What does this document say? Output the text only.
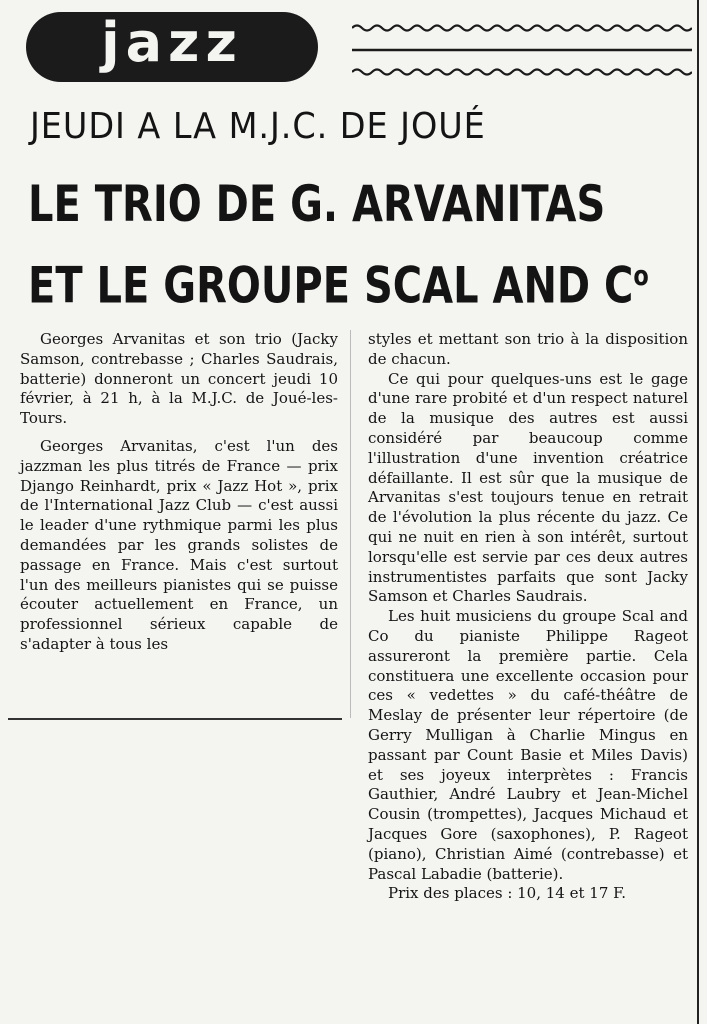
jazz
JEUDI A LA M.J.C. DE JOUÉ
LE TRIO DE G. ARVANITAS
ET LE GROUPE SCAL AND $C^o$

Georges Arvanitas et son trio (Jacky Samson, contrebasse ; Charles Saudrais, batterie) donneront un concert jeudi 10 février, à 21 h, à la M.J.C. de Joué-les-Tours.

Georges Arvanitas, c'est l'un des jazzman les plus titrés de France — prix Django Reinhardt, prix « Jazz Hot », prix de l'International Jazz Club — c'est aussi le leader d'une rythmique parmi les plus demandées par les grands solistes de passage en France. Mais c'est surtout l'un des meilleurs pianistes qui se puisse écouter actuellement en France, un professionnel sérieux capable de s'adapter à tous les

styles et mettant son trio à la disposition de chacun.

Ce qui pour quelques-uns est le gage d'une rare probité et d'un respect naturel de la musique des autres est aussi considéré par beaucoup comme l'illustration d'une invention créatrice défaillante. Il est sûr que la musique de Arvanitas s'est toujours tenue en retrait de l'évolution la plus récente du jazz. Ce qui ne nuit en rien à son intérêt, surtout lorsqu'elle est servie par ces deux autres instrumentistes parfaits que sont Jacky Samson et Charles Saudrais.

Les huit musiciens du groupe Scal and Co du pianiste Philippe Rageot assureront la première partie. Cela constituera une excellente occasion pour ces « vedettes » du café-théâtre de Meslay de présenter leur répertoire (de Gerry Mulligan à Charlie Mingus en passant par Count Basie et Miles Davis) et ses joyeux interprètes : Francis Gauthier, André Laubry et Jean-Michel Cousin (trompettes), Jacques Michaud et Jacques Gore (saxophones), P. Rageot (piano), Christian Aimé (contrebasse) et Pascal Labadie (batterie).

Prix des places : 10, 14 et 17 F.
